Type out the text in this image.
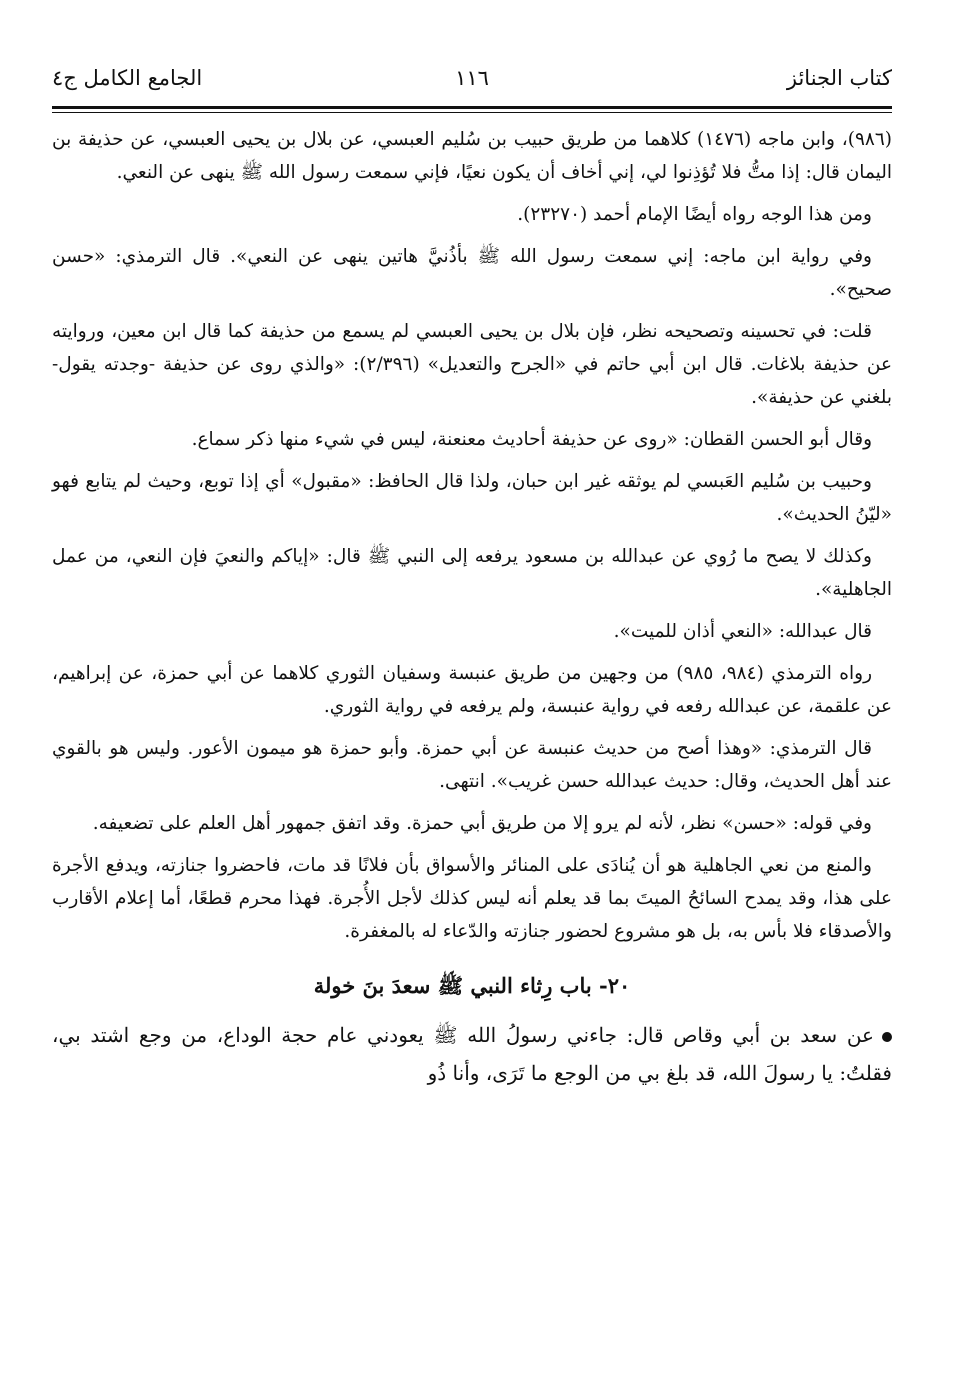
كتاب الجنائز
١١٦
الجامع الكامل ج٤

(٩٨٦)، وابن ماجه (١٤٧٦) كلاهما من طريق حبيب بن سُليم العبسي، عن بلال بن يحيى العبسي، عن حذيفة بن اليمان قال: إذا متُّ فلا تُؤذِنوا لي، إني أخاف أن يكون نعيًا، فإني سمعت رسول الله ﷺ ينهى عن النعي.

ومن هذا الوجه رواه أيضًا الإمام أحمد (٢٣٢٧٠).

وفي رواية ابن ماجه: إني سمعت رسول الله ﷺ بأذُنيَّ هاتين ينهى عن النعي». قال الترمذي: «حسن صحيح».

قلت: في تحسينه وتصحيحه نظر، فإن بلال بن يحيى العبسي لم يسمع من حذيفة كما قال ابن معين، وروايته عن حذيفة بلاغات. قال ابن أبي حاتم في «الجرح والتعديل» (٢/٣٩٦): «والذي روى عن حذيفة -وجدته يقول- بلغني عن حذيفة».

وقال أبو الحسن القطان: «روى عن حذيفة أحاديث معنعنة، ليس في شيء منها ذكر سماع.

وحبيب بن سُليم العَبسي لم يوثقه غير ابن حبان، ولذا قال الحافظ: «مقبول» أي إذا توبع، وحيث لم يتابع فهو «ليّنُ الحديث».

وكذلك لا يصح ما رُوي عن عبدالله بن مسعود يرفعه إلى النبي ﷺ قال: «إياكم والنعيَ فإن النعي، من عمل الجاهلية».

قال عبدالله: «النعي أذان للميت».

رواه الترمذي (٩٨٤، ٩٨٥) من وجهين من طريق عنبسة وسفيان الثوري كلاهما عن أبي حمزة، عن إبراهيم، عن علقمة، عن عبدالله رفعه في رواية عنبسة، ولم يرفعه في رواية الثوري.

قال الترمذي: «وهذا أصح من حديث عنبسة عن أبي حمزة. وأبو حمزة هو ميمون الأعور. وليس هو بالقوي عند أهل الحديث، وقال: حديث عبدالله حسن غريب». انتهى.

وفي قوله: «حسن» نظر، لأنه لم يرو إلا من طريق أبي حمزة. وقد اتفق جمهور أهل العلم على تضعيفه.

والمنع من نعي الجاهلية هو أن يُنادَى على المنائر والأسواق بأن فلانًا قد مات، فاحضروا جنازته، ويدفع الأجرة على هذا، وقد يمدح السائحُ الميتَ بما قد يعلم أنه ليس كذلك لأجل الأُجرة. فهذا محرم قطعًا، أما إعلام الأقارب والأصدقاء فلا بأس به، بل هو مشروع لحضور جنازته والدّعاء له بالمغفرة.

٢٠- باب رِثاء النبي ﷺ سعدَ بنَ خولة

عن سعد بن أبي وقاص قال: جاءني رسولُ الله ﷺ يعودني عام حجة الوداع، من وجع اشتد بي، فقلتُ: يا رسولَ الله، قد بلغ بي من الوجع ما تَرَى، وأنا ذُو
